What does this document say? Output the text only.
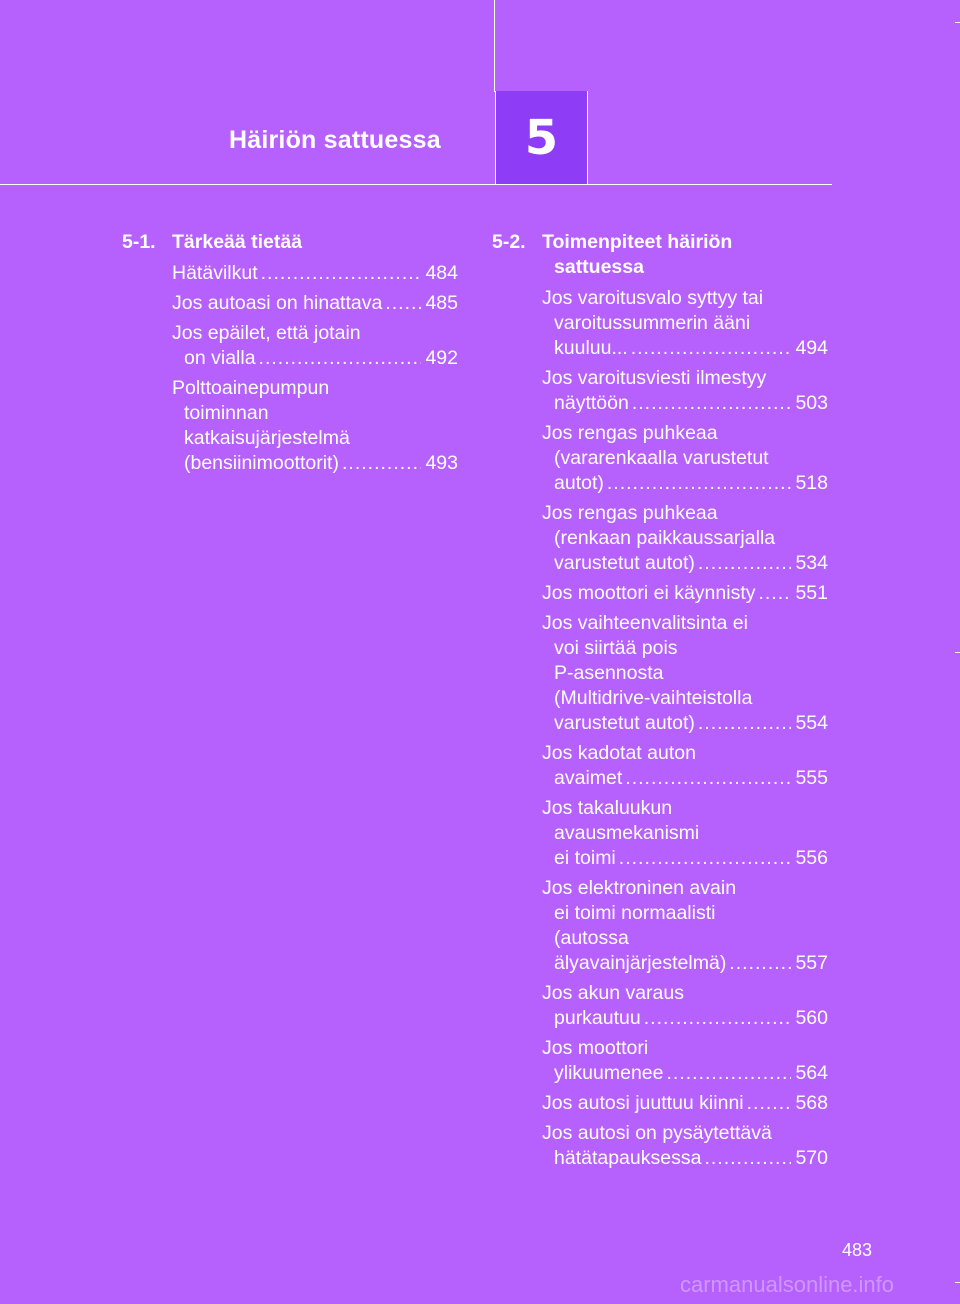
Häiriön sattuessa 5
5-1. Tärkeää tietää
Hätävilkut .....	484
Jos autoasi on hinattava ..... 485
Jos epäilet, että jotain
on vialla .....	492
Polttoainepumpun
toiminnan
katkaisujärjestelmä
(bensiinimoottorit) .....	493
5-2. Toimenpiteet häiriön
sattuessa
Jos varoitusvalo syttyy tai
varoitussummerin ääni
kuuluu... .....	494
Jos varoitusviesti ilmestyy
näyttöön .....	503
Jos rengas puhkeaa
(vararenkaalla varustetut
autot) .....	518
Jos rengas puhkeaa
(renkaan paikkaussarjalla
varustetut autot) .....	534
Jos moottori ei käynnisty ..... 551
Jos vaihteenvalitsinta ei
voi siirtää pois
P-asennosta
(Multidrive-vaihteistolla
varustetut autot) .....	554
Jos kadotat auton
avaimet .....	555
Jos takaluukun
avausmekanismi
ei toimi .....	556
Jos elektroninen avain
ei toimi normaalisti
(autossa
älyavainjärjestelmä) .....	557
Jos akun varaus
purkautuu .....	560
Jos moottori
ylikuumenee .....	564
Jos autosi juuttuu kiinni .....	568
Jos autosi on pysäytettävä
hätätapauksessa .....	570
483
carmanualsonline.info
